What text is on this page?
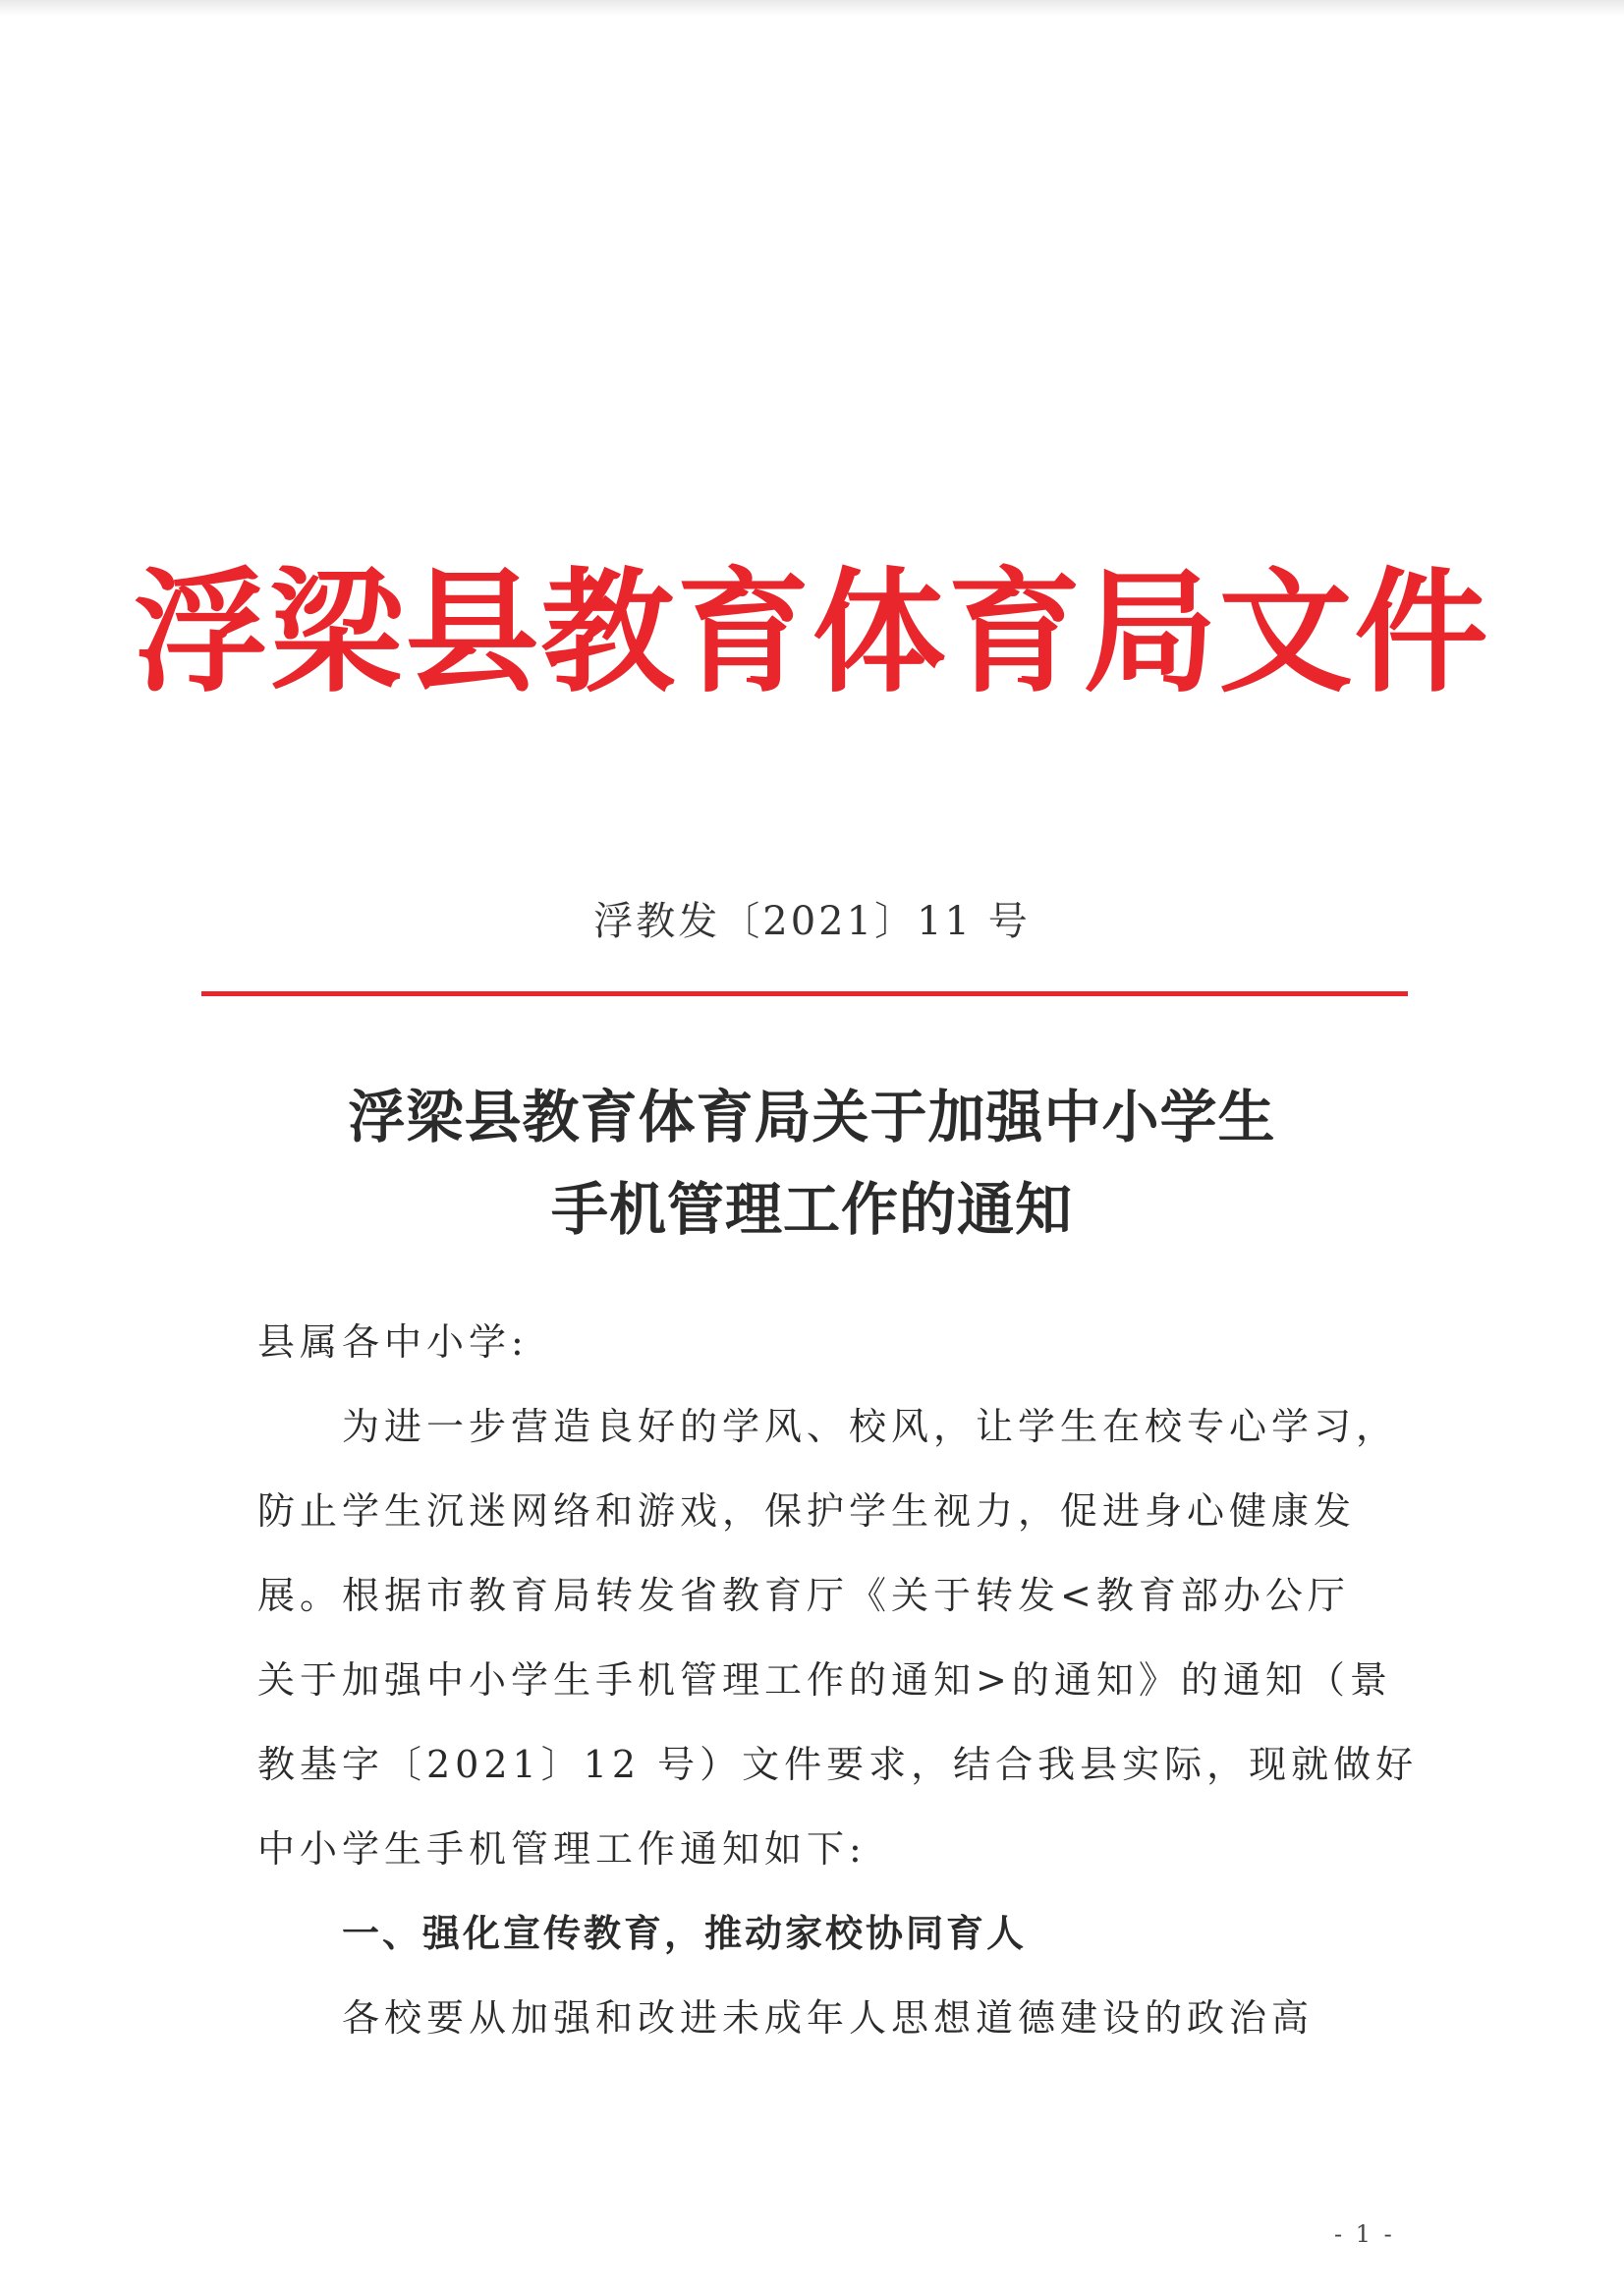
浮梁县教育体育局文件
浮教发〔2021〕11 号
浮梁县教育体育局关于加强中小学生
手机管理工作的通知
县属各中小学:
为进一步营造良好的学风、校风，让学生在校专心学习，
防止学生沉迷网络和游戏，保护学生视力，促进身心健康发
展。根据市教育局转发省教育厅《关于转发<教育部办公厅
关于加强中小学生手机管理工作的通知>的通知》的通知（景
教基字〔2021〕12 号）文件要求，结合我县实际，现就做好
中小学生手机管理工作通知如下:
一、强化宣传教育，推动家校协同育人
各校要从加强和改进未成年人思想道德建设的政治高
- 1 -
